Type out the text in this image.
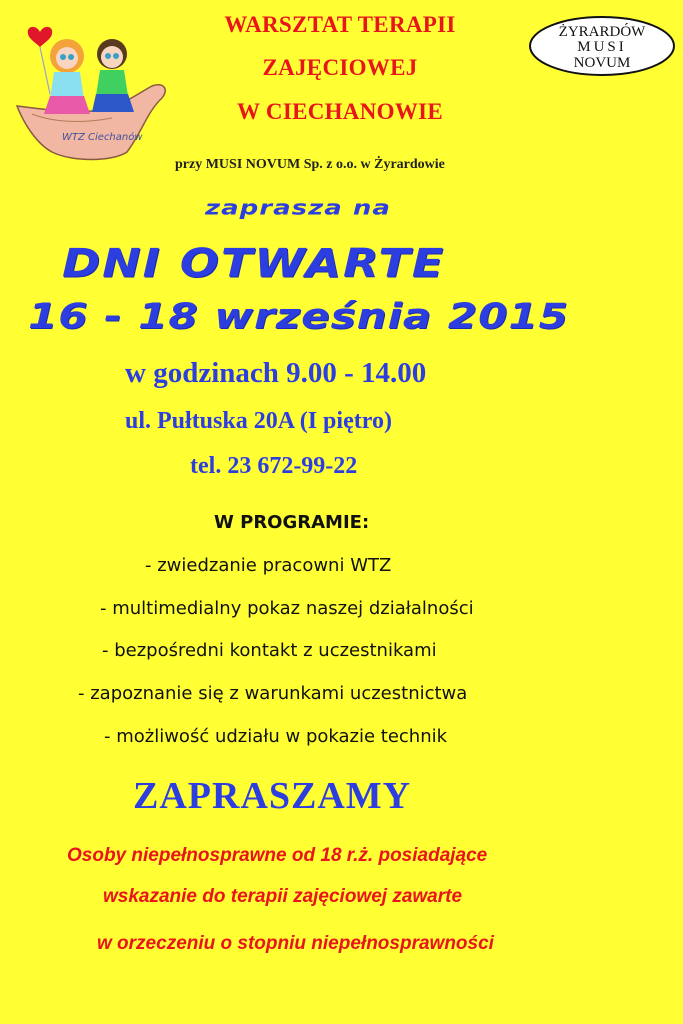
WTZ Ciechanów
ŻYRARDÓW
MUSI
NOVUM
WARSZTAT TERAPII
ZAJĘCIOWEJ
W CIECHANOWIE
przy MUSI NOVUM Sp. z o.o. w Żyrardowie
zaprasza na
DNI OTWARTE
16 - 18 września 2015
w godzinach 9.00 - 14.00
ul. Pułtuska 20A (I piętro)
tel. 23 672-99-22
W PROGRAMIE:
- zwiedzanie pracowni WTZ
- multimedialny pokaz naszej działalności
- bezpośredni kontakt z uczestnikami
- zapoznanie się z warunkami uczestnictwa
- możliwość udziału w pokazie technik
ZAPRASZAMY
Osoby niepełnosprawne od 18 r.ż. posiadające
wskazanie do terapii zajęciowej zawarte
w orzeczeniu o stopniu niepełnosprawności
